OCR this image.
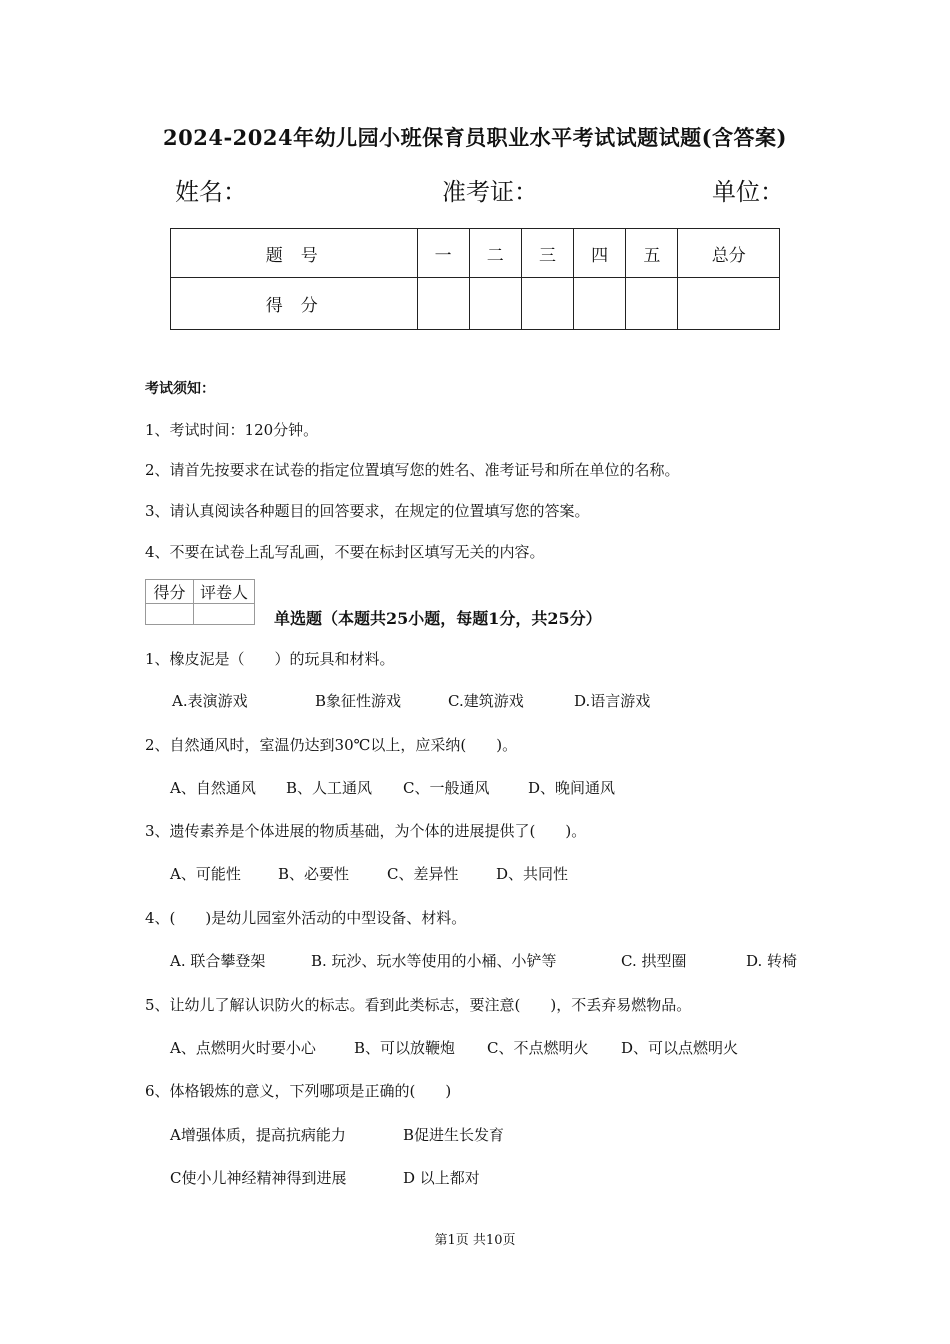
2024-2024年幼儿园小班保育员职业水平考试试题试题(含答案)
姓名：	准考证：	单位：
题号	一	二	三	四	五	总分
得分						
考试须知：
1、考试时间：120分钟。
2、请首先按要求在试卷的指定位置填写您的姓名、准考证号和所在单位的名称。
3、请认真阅读各种题目的回答要求，在规定的位置填写您的答案。
4、不要在试卷上乱写乱画，不要在标封区填写无关的内容。
得分	评卷人

单选题（本题共25小题，每题1分，共25分）
1、橡皮泥是（　　）的玩具和材料。
A.表演游戏	B象征性游戏	C.建筑游戏	D.语言游戏
2、自然通风时，室温仍达到30℃以上，应采纳(　　)。
A、自然通风 B、人工通风 C、一般通风	D、晚间通风
3、遗传素养是个体进展的物质基础，为个体的进展提供了(　　)。
A、可能性 B、必要性	C、差异性	D、共同性
4、(　　)是幼儿园室外活动的中型设备、材料。
A. 联合攀登架	B. 玩沙、玩水等使用的小桶、小铲等	C. 拱型圈	D. 转椅
5、让幼儿了解认识防火的标志。看到此类标志，要注意(　　)，不丢弃易燃物品。
A、点燃明火时要小心	B、可以放鞭炮 C、不点燃明火 D、可以点燃明火
6、体格锻炼的意义，下列哪项是正确的(　　)
A增强体质，提高抗病能力	B促进生长发育
C使小儿神经精神得到进展	D 以上都对
第1页 共10页
